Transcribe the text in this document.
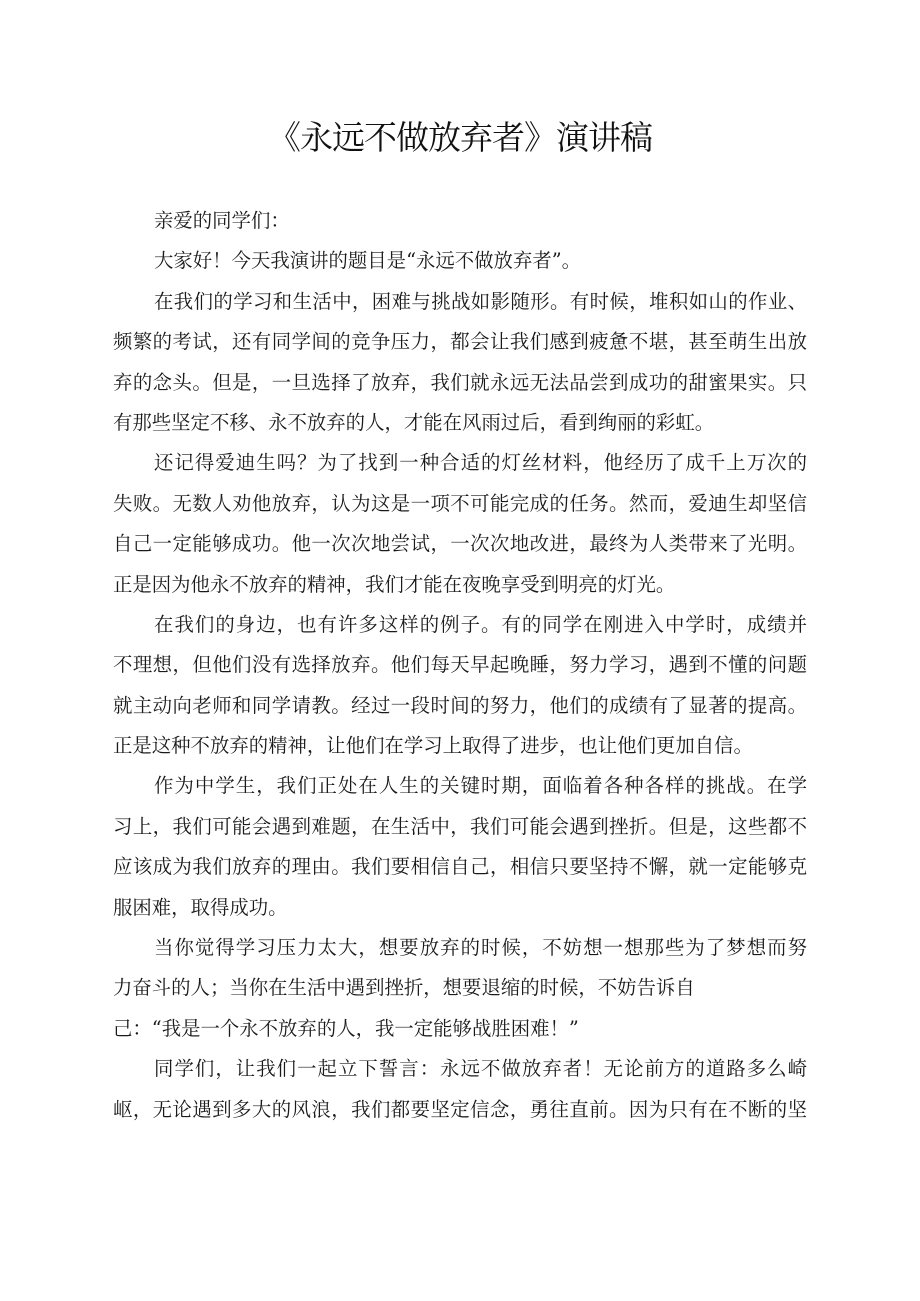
《永远不做放弃者》演讲稿
亲爱的同学们：
大家好！今天我演讲的题目是“永远不做放弃者”。
在我们的学习和生活中，困难与挑战如影随形。有时候，堆积如山的作业、
频繁的考试，还有同学间的竞争压力，都会让我们感到疲惫不堪，甚至萌生出放
弃的念头。但是，一旦选择了放弃，我们就永远无法品尝到成功的甜蜜果实。只
有那些坚定不移、永不放弃的人，才能在风雨过后，看到绚丽的彩虹。
还记得爱迪生吗？为了找到一种合适的灯丝材料，他经历了成千上万次的
失败。无数人劝他放弃，认为这是一项不可能完成的任务。然而，爱迪生却坚信
自己一定能够成功。他一次次地尝试，一次次地改进，最终为人类带来了光明。
正是因为他永不放弃的精神，我们才能在夜晚享受到明亮的灯光。
在我们的身边，也有许多这样的例子。有的同学在刚进入中学时，成绩并
不理想，但他们没有选择放弃。他们每天早起晚睡，努力学习，遇到不懂的问题
就主动向老师和同学请教。经过一段时间的努力，他们的成绩有了显著的提高。
正是这种不放弃的精神，让他们在学习上取得了进步，也让他们更加自信。
作为中学生，我们正处在人生的关键时期，面临着各种各样的挑战。在学
习上，我们可能会遇到难题，在生活中，我们可能会遇到挫折。但是，这些都不
应该成为我们放弃的理由。我们要相信自己，相信只要坚持不懈，就一定能够克
服困难，取得成功。
当你觉得学习压力太大，想要放弃的时候，不妨想一想那些为了梦想而努
力奋斗的人；当你在生活中遇到挫折，想要退缩的时候，不妨告诉自
己：“我是一个永不放弃的人，我一定能够战胜困难！”
同学们，让我们一起立下誓言：永远不做放弃者！无论前方的道路多么崎
岖，无论遇到多大的风浪，我们都要坚定信念，勇往直前。因为只有在不断的坚
